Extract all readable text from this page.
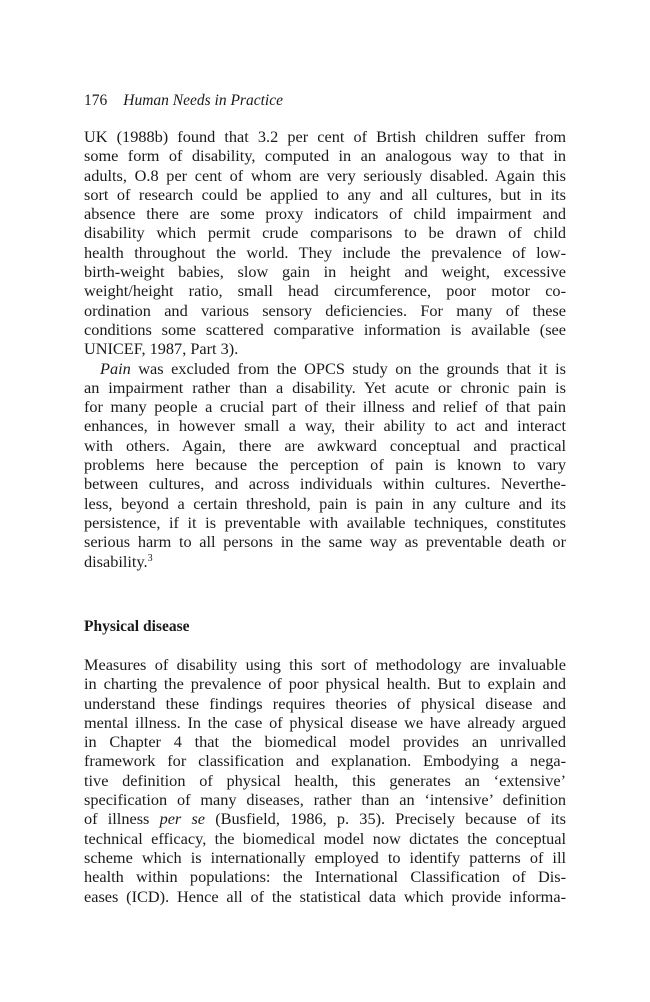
176 Human Needs in Practice
UK (1988b) found that 3.2 per cent of Brtish children suffer from
some form of disability, computed in an analogous way to that in
adults, O.8 per cent of whom are very seriously disabled. Again this
sort of research could be applied to any and all cultures, but in its
absence there are some proxy indicators of child impairment and
disability which permit crude comparisons to be drawn of child
health throughout the world. They include the prevalence of low-
birth-weight babies, slow gain in height and weight, excessive
weight/height ratio, small head circumference, poor motor co-
ordination and various sensory deficiencies. For many of these
conditions some scattered comparative information is available (see
UNICEF, 1987, Part 3).
Pain was excluded from the OPCS study on the grounds that it is
an impairment rather than a disability. Yet acute or chronic pain is
for many people a crucial part of their illness and relief of that pain
enhances, in however small a way, their ability to act and interact
with others. Again, there are awkward conceptual and practical
problems here because the perception of pain is known to vary
between cultures, and across individuals within cultures. Neverthe-
less, beyond a certain threshold, pain is pain in any culture and its
persistence, if it is preventable with available techniques, constitutes
serious harm to all persons in the same way as preventable death or
disability.$^3$
Physical disease
Measures of disability using this sort of methodology are invaluable
in charting the prevalence of poor physical health. But to explain and
understand these findings requires theories of physical disease and
mental illness. In the case of physical disease we have already argued
in Chapter 4 that the biomedical model provides an unrivalled
framework for classification and explanation. Embodying a nega-
tive definition of physical health, this generates an ‘extensive’
specification of many diseases, rather than an ‘intensive’ definition
of illness per se (Busfield, 1986, p. 35). Precisely because of its
technical efficacy, the biomedical model now dictates the conceptual
scheme which is internationally employed to identify patterns of ill
health within populations: the International Classification of Dis-
eases (ICD). Hence all of the statistical data which provide informa-
